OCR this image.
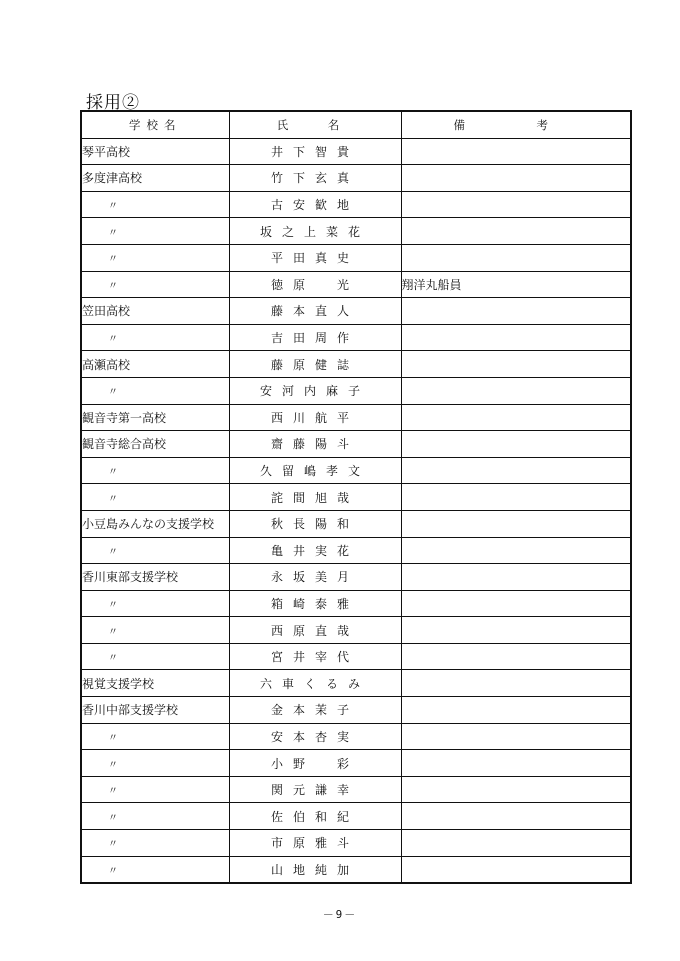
採用②
学校名	氏　名	備　考
琴平高校	井下智貴	
多度津高校	竹下玄真	
〃	古安歓地	
〃	坂之上菜花	
〃	平田真史	
〃	徳原　光	翔洋丸船員
笠田高校	藤本直人	
〃	吉田周作	
高瀬高校	藤原健誌	
〃	安河内麻子	
観音寺第一高校	西川航平	
観音寺総合高校	齋藤陽斗	
〃	久留嶋孝文	
〃	詫間旭哉	
小豆島みんなの支援学校	秋長陽和	
〃	亀井実花	
香川東部支援学校	永坂美月	
〃	箱崎泰雅	
〃	西原直哉	
〃	宮井宰代	
視覚支援学校	六車くるみ	
香川中部支援学校	金本茉子	
〃	安本杏実	
〃	小野　彩	
〃	関元謙幸	
〃	佐伯和紀	
〃	市原雅斗	
〃	山地純加	
－9－
